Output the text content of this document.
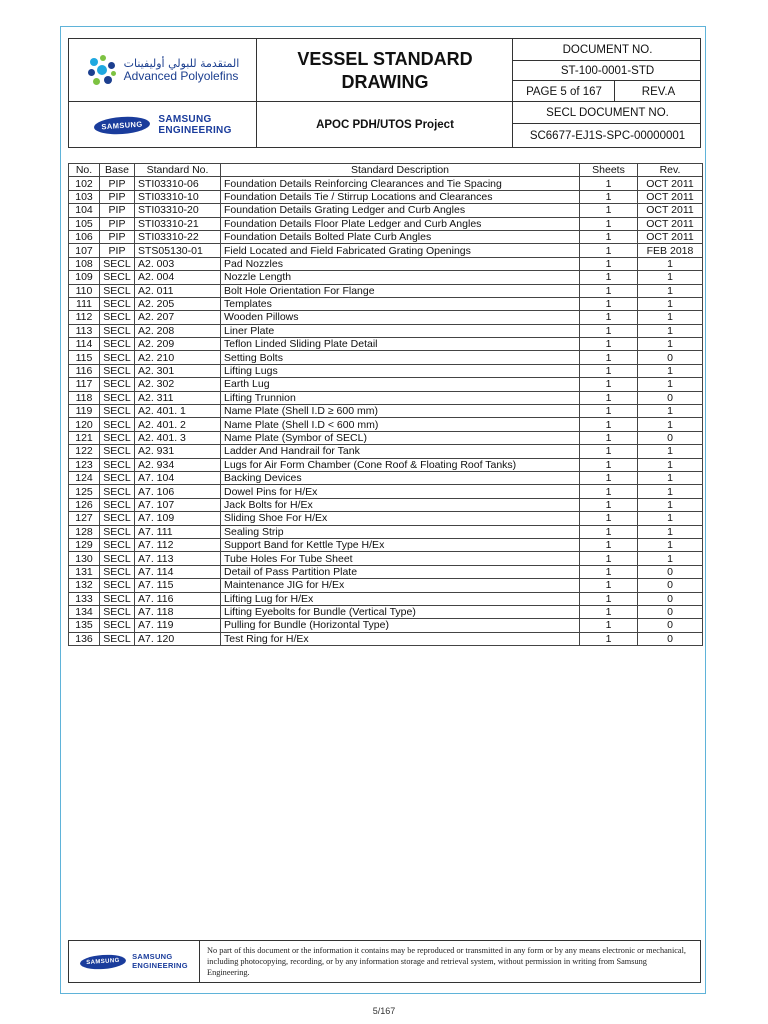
المتقدمة للبولي أوليفينات
Advanced Polyolefins
VESSEL STANDARD
DRAWING
SAMSUNG
SAMSUNG
ENGINEERING	APOC PDH/UTOS Project
DOCUMENT NO.
ST-100-0001-STD
PAGE 5 of 167	REV.A
SECL DOCUMENT NO.
SC6677-EJ1S-SPC-00000001
No.	Base	Standard No.	Standard Description	Sheets	Rev.
102	PIP	STI03310-06	Foundation Details Reinforcing Clearances and Tie Spacing	1	OCT 2011
103	PIP	STI03310-10	Foundation Details Tie / Stirrup Locations and Clearances	1	OCT 2011
104	PIP	STI03310-20	Foundation Details Grating Ledger and Curb Angles	1	OCT 2011
105	PIP	STI03310-21	Foundation Details Floor Plate Ledger and Curb Angles	1	OCT 2011
106	PIP	STI03310-22	Foundation Details Bolted Plate Curb Angles	1	OCT 2011
107	PIP	STS05130-01	Field Located and Field Fabricated Grating Openings	1	FEB 2018
108	SECL	A2. 003	Pad Nozzles	1	1
109	SECL	A2. 004	Nozzle Length	1	1
110	SECL	A2. 011	Bolt Hole Orientation For Flange	1	1
111	SECL	A2. 205	Templates	1	1
112	SECL	A2. 207	Wooden Pillows	1	1
113	SECL	A2. 208	Liner Plate	1	1
114	SECL	A2. 209	Teflon Linded Sliding Plate Detail	1	1
115	SECL	A2. 210	Setting Bolts	1	0
116	SECL	A2. 301	Lifting Lugs	1	1
117	SECL	A2. 302	Earth Lug	1	1
118	SECL	A2. 311	Lifting Trunnion	1	0
119	SECL	A2. 401. 1	Name Plate (Shell I.D ≥ 600 mm)	1	1
120	SECL	A2. 401. 2	Name Plate (Shell I.D < 600 mm)	1	1
121	SECL	A2. 401. 3	Name Plate (Symbor of SECL)	1	0
122	SECL	A2. 931	Ladder And Handrail for Tank	1	1
123	SECL	A2. 934	Lugs for Air Form Chamber (Cone Roof & Floating Roof Tanks)	1	1
124	SECL	A7. 104	Backing Devices	1	1
125	SECL	A7. 106	Dowel Pins for H/Ex	1	1
126	SECL	A7. 107	Jack Bolts for H/Ex	1	1
127	SECL	A7. 109	Sliding Shoe For H/Ex	1	1
128	SECL	A7. 111	Sealing Strip	1	1
129	SECL	A7. 112	Support Band for Kettle Type H/Ex	1	1
130	SECL	A7. 113	Tube Holes For Tube Sheet	1	1
131	SECL	A7. 114	Detail of Pass Partition Plate	1	0
132	SECL	A7. 115	Maintenance JIG for H/Ex	1	0
133	SECL	A7. 116	Lifting Lug for H/Ex	1	0
134	SECL	A7. 118	Lifting Eyebolts for Bundle (Vertical Type)	1	0
135	SECL	A7. 119	Pulling for Bundle (Horizontal Type)	1	0
136	SECL	A7. 120	Test Ring for H/Ex	1	0
SAMSUNG
SAMSUNG
ENGINEERING
No part of this document or the information it contains may be reproduced or transmitted in any form or by any means electronic or mechanical, including photocopying, recording, or by any information storage and retrieval system, without permission in writing from Samsung Engineering.
5/167
